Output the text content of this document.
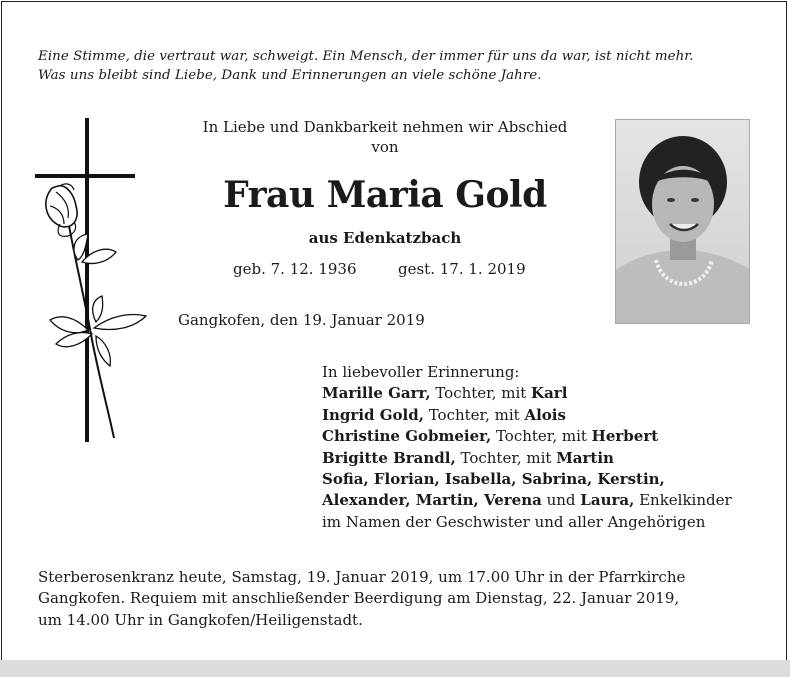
Eine Stimme, die vertraut war, schweigt. Ein Mensch, der immer für uns da war, ist nicht mehr.
Was uns bleibt sind Liebe, Dank und Erinnerungen an viele schöne Jahre.
In Liebe und Dankbarkeit nehmen wir Abschied
von
Frau Maria Gold
aus Edenkatzbach
geb. 7. 12. 1936	gest. 17. 1. 2019
Gangkofen, den 19. Januar 2019
In liebevoller Erinnerung:
Marille Garr, Tochter, mit Karl
Ingrid Gold, Tochter, mit Alois
Christine Gobmeier, Tochter, mit Herbert
Brigitte Brandl, Tochter, mit Martin
Sofia, Florian, Isabella, Sabrina, Kerstin,
Alexander, Martin, Verena und Laura, Enkelkinder
im Namen der Geschwister und aller Angehörigen
Sterberosenkranz heute, Samstag, 19. Januar 2019, um 17.00 Uhr in der Pfarrkirche
Gangkofen. Requiem mit anschließender Beerdigung am Dienstag, 22. Januar 2019,
um 14.00 Uhr in Gangkofen/Heiligenstadt.
